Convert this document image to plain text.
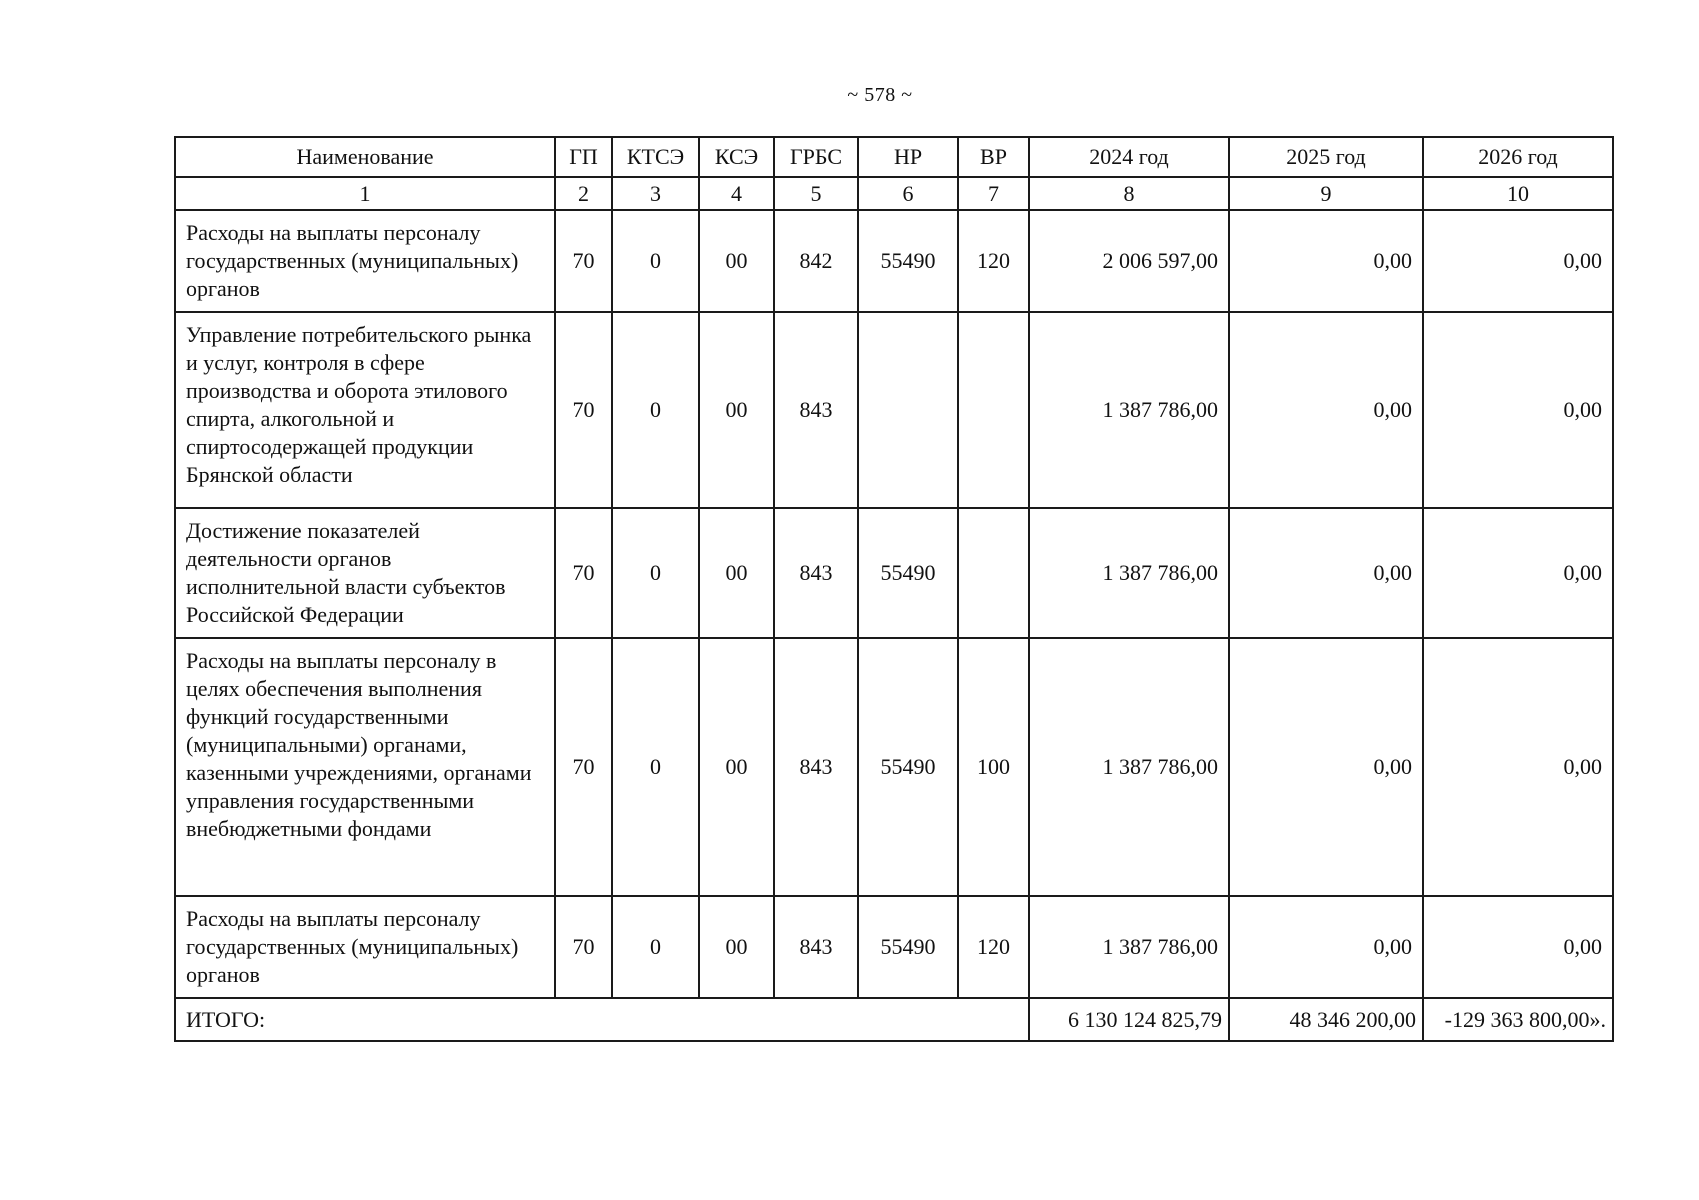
~ 578 ~
Наименование	ГП	КТСЭ	КСЭ	ГРБС	НР	ВР	2024 год	2025 год	2026 год
1	2	3	4	5	6	7	8	9	10
Расходы на выплаты персоналу государственных (муниципальных) органов	70	0	00	842	55490	120	2 006 597,00	0,00	0,00
Управление потребительского рынка и услуг, контроля в сфере производства и оборота этилового спирта, алкогольной и спиртосодержащей продукции Брянской области	70	0	00	843			1 387 786,00	0,00	0,00
Достижение показателей деятельности органов исполнительной власти субъектов Российской Федерации	70	0	00	843	55490		1 387 786,00	0,00	0,00
Расходы на выплаты персоналу в целях обеспечения выполнения функций государственными (муниципальными) органами, казенными учреждениями, органами управления государственными внебюджетными фондами	70	0	00	843	55490	100	1 387 786,00	0,00	0,00
Расходы на выплаты персоналу государственных (муниципальных) органов	70	0	00	843	55490	120	1 387 786,00	0,00	0,00
ИТОГО:							6 130 124 825,79	48 346 200,00	-129 363 800,00».
